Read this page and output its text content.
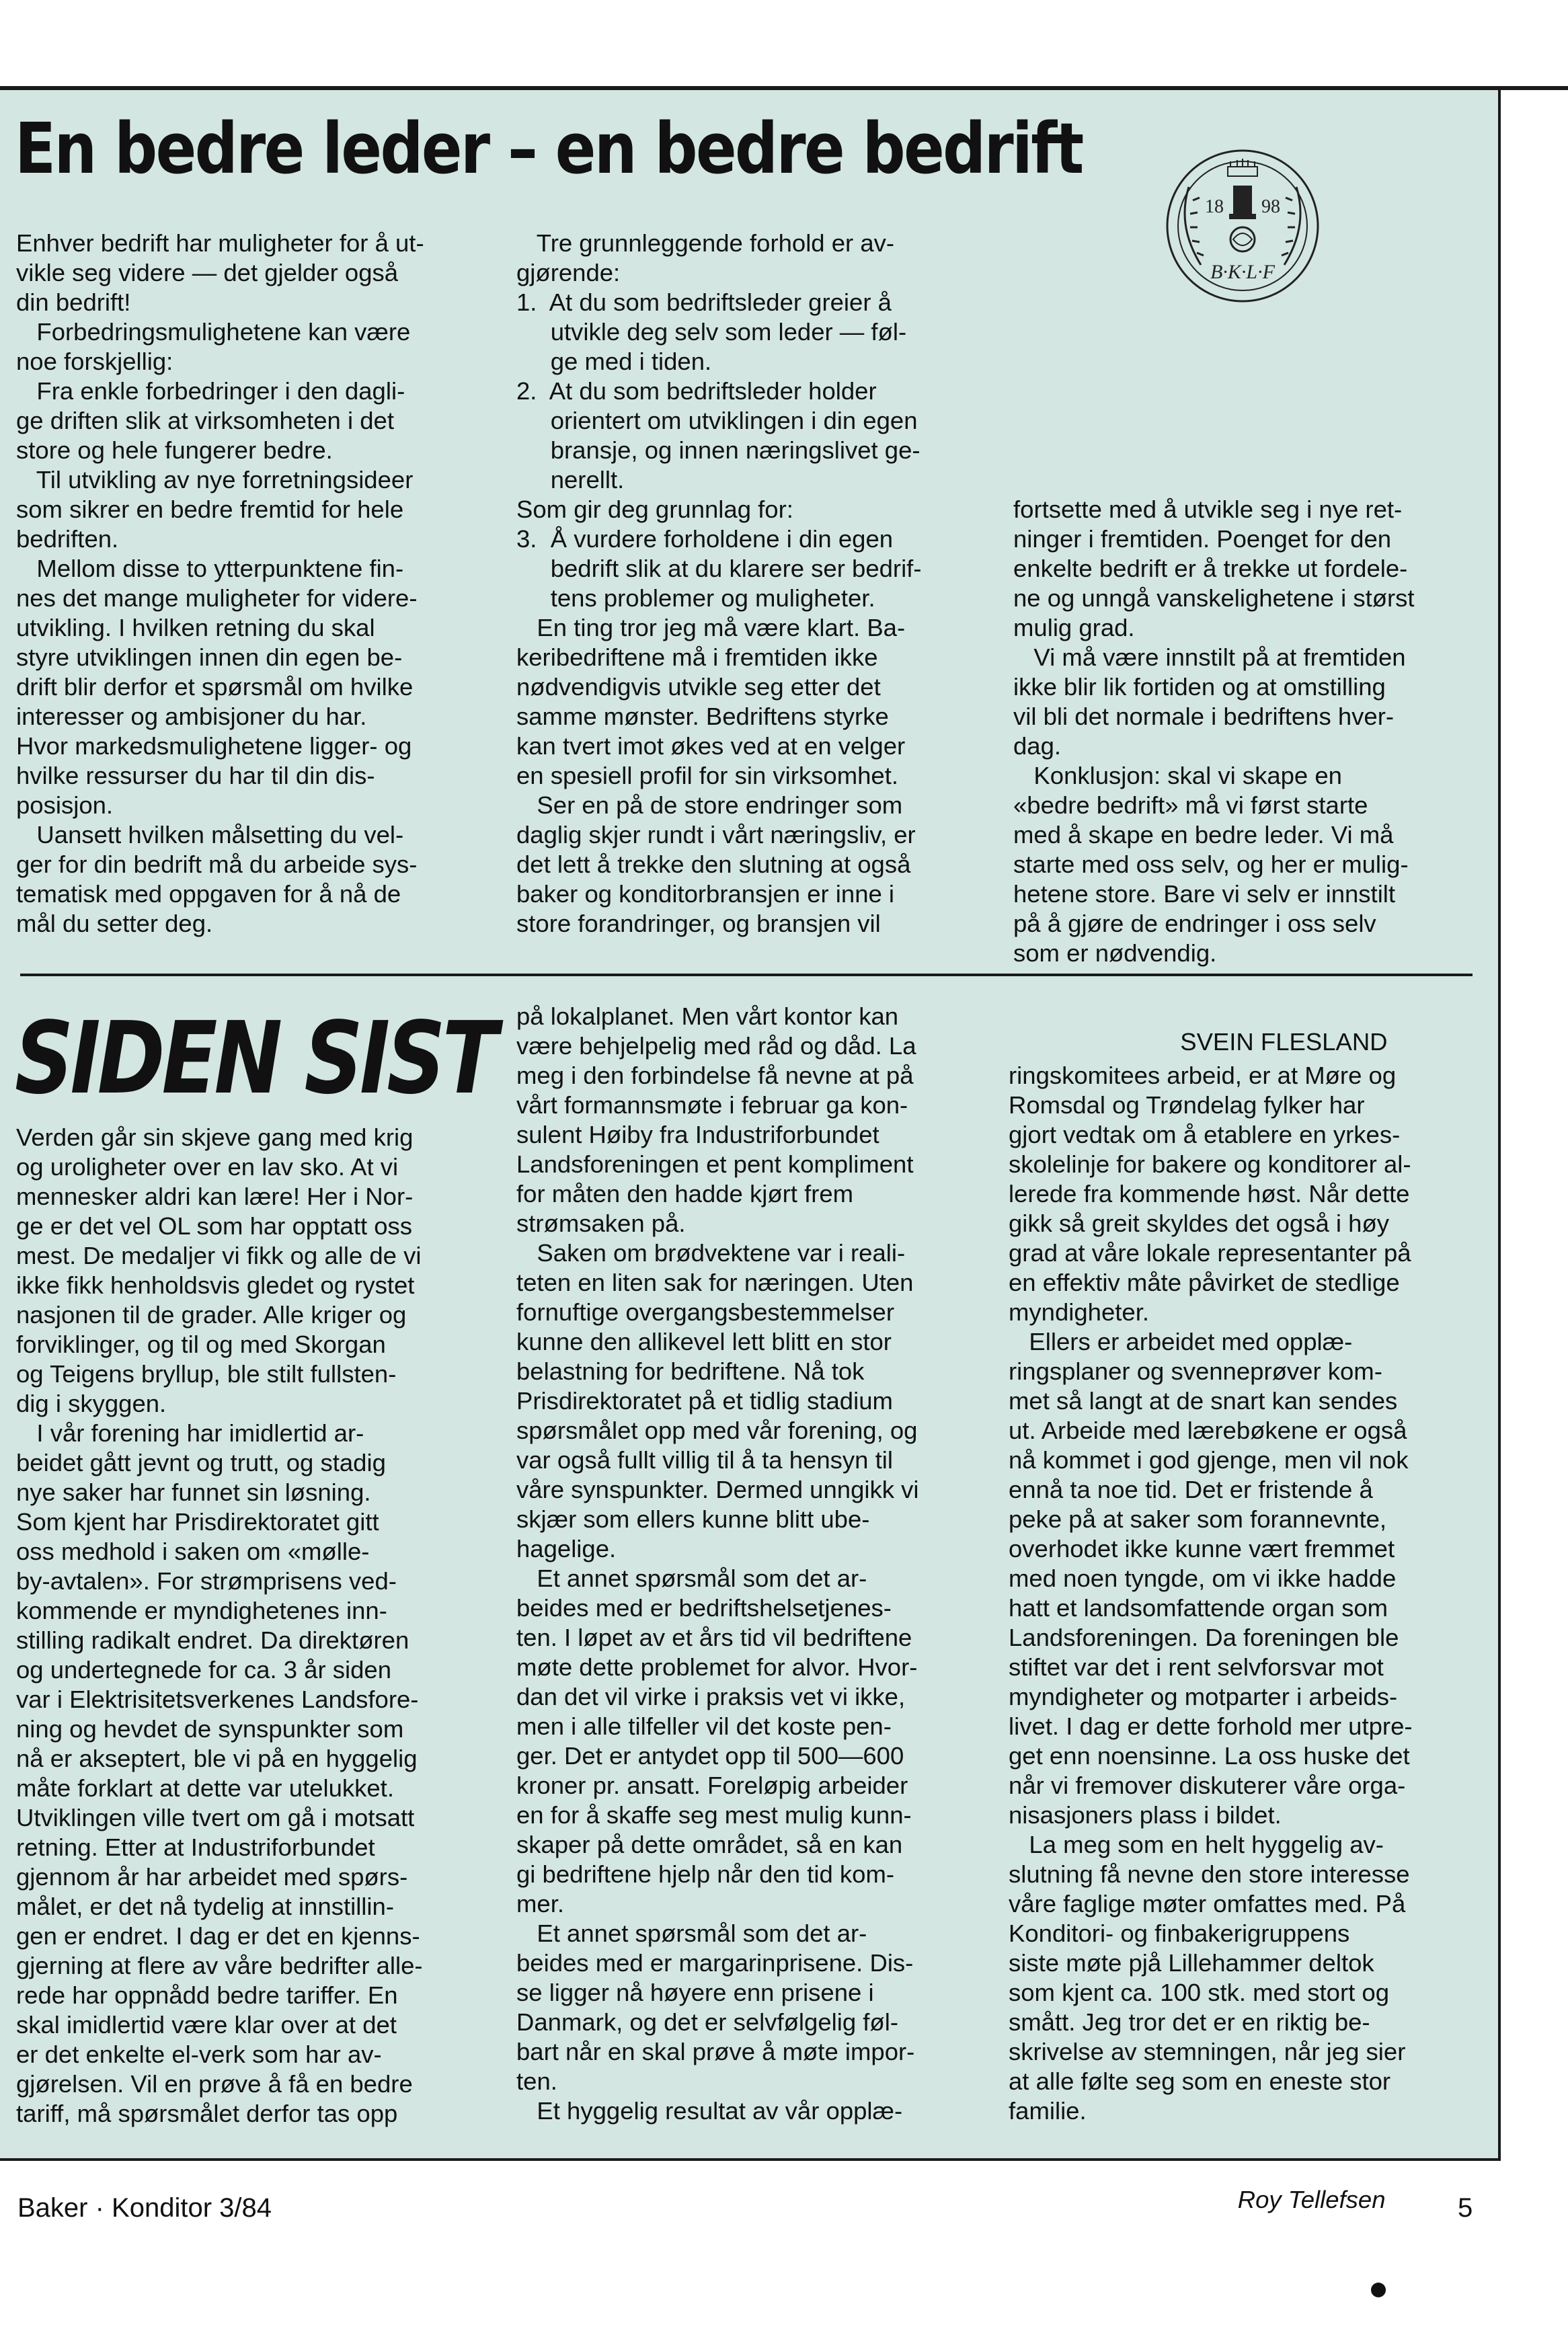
En bedre leder – en bedre bedrift
18 98
B·K·L·F

Enhver bedrift har muligheter for å ut-

vikle seg videre — det gjelder også

din bedrift!

Forbedringsmulighetene kan være

noe forskjellig:

Fra enkle forbedringer i den dagli-

ge driften slik at virksomheten i det

store og hele fungerer bedre.

Til utvikling av nye forretningsideer

som sikrer en bedre fremtid for hele

bedriften.

Mellom disse to ytterpunktene fin-

nes det mange muligheter for videre-

utvikling. I hvilken retning du skal

styre utviklingen innen din egen be-

drift blir derfor et spørsmål om hvilke

interesser og ambisjoner du har.

Hvor markedsmulighetene ligger- og

hvilke ressurser du har til din dis-

posisjon.

Uansett hvilken målsetting du vel-

ger for din bedrift må du arbeide sys-

tematisk med oppgaven for å nå de

mål du setter deg.

Tre grunnleggende forhold er av-

gjørende:

1.  At du som bedriftsleder greier å

utvikle deg selv som leder — føl-

ge med i tiden.

2.  At du som bedriftsleder holder

orientert om utviklingen i din egen

bransje, og innen næringslivet ge-

nerellt.

Som gir deg grunnlag for:

3.  Å vurdere forholdene i din egen

bedrift slik at du klarere ser bedrif-

tens problemer og muligheter.

En ting tror jeg må være klart. Ba-

keribedriftene må i fremtiden ikke

nødvendigvis utvikle seg etter det

samme mønster. Bedriftens styrke

kan tvert imot økes ved at en velger

en spesiell profil for sin virksomhet.

Ser en på de store endringer som

daglig skjer rundt i vårt næringsliv, er

det lett å trekke den slutning at også

baker og konditorbransjen er inne i

store forandringer, og bransjen vil

fortsette med å utvikle seg i nye ret-

ninger i fremtiden. Poenget for den

enkelte bedrift er å trekke ut fordele-

ne og unngå vanskelighetene i størst

mulig grad.

Vi må være innstilt på at fremtiden

ikke blir lik fortiden og at omstilling

vil bli det normale i bedriftens hver-

dag.

Konklusjon: skal vi skape en

«bedre bedrift» må vi først starte

med å skape en bedre leder. Vi må

starte med oss selv, og her er mulig-

hetene store. Bare vi selv er innstilt

på å gjøre de endringer i oss selv

som er nødvendig.

SVEIN FLESLAND

SIDEN SIST

Verden går sin skjeve gang med krig

og uroligheter over en lav sko. At vi

mennesker aldri kan lære! Her i Nor-

ge er det vel OL som har opptatt oss

mest. De medaljer vi fikk og alle de vi

ikke fikk henholdsvis gledet og rystet

nasjonen til de grader. Alle kriger og

forviklinger, og til og med Skorgan

og Teigens bryllup, ble stilt fullsten-

dig i skyggen.

I vår forening har imidlertid ar-

beidet gått jevnt og trutt, og stadig

nye saker har funnet sin løsning.

Som kjent har Prisdirektoratet gitt

oss medhold i saken om «mølle-

by-avtalen». For strømprisens ved-

kommende er myndighetenes inn-

stilling radikalt endret. Da direktøren

og undertegnede for ca. 3 år siden

var i Elektrisitetsverkenes Landsfore-

ning og hevdet de synspunkter som

nå er akseptert, ble vi på en hyggelig

måte forklart at dette var utelukket.

Utviklingen ville tvert om gå i motsatt

retning. Etter at Industriforbundet

gjennom år har arbeidet med spørs-

målet, er det nå tydelig at innstillin-

gen er endret. I dag er det en kjenns-

gjerning at flere av våre bedrifter alle-

rede har oppnådd bedre tariffer. En

skal imidlertid være klar over at det

er det enkelte el-verk som har av-

gjørelsen. Vil en prøve å få en bedre

tariff, må spørsmålet derfor tas opp

på lokalplanet. Men vårt kontor kan

være behjelpelig med råd og dåd. La

meg i den forbindelse få nevne at på

vårt formannsmøte i februar ga kon-

sulent Høiby fra Industriforbundet

Landsforeningen et pent kompliment

for måten den hadde kjørt frem

strømsaken på.

Saken om brødvektene var i reali-

teten en liten sak for næringen. Uten

fornuftige overgangsbestemmelser

kunne den allikevel lett blitt en stor

belastning for bedriftene. Nå tok

Prisdirektoratet på et tidlig stadium

spørsmålet opp med vår forening, og

var også fullt villig til å ta hensyn til

våre synspunkter. Dermed unngikk vi

skjær som ellers kunne blitt ube-

hagelige.

Et annet spørsmål som det ar-

beides med er bedriftshelsetjenes-

ten. I løpet av et års tid vil bedriftene

møte dette problemet for alvor. Hvor-

dan det vil virke i praksis vet vi ikke,

men i alle tilfeller vil det koste pen-

ger. Det er antydet opp til 500—600

kroner pr. ansatt. Foreløpig arbeider

en for å skaffe seg mest mulig kunn-

skaper på dette området, så en kan

gi bedriftene hjelp når den tid kom-

mer.

Et annet spørsmål som det ar-

beides med er margarinprisene. Dis-

se ligger nå høyere enn prisene i

Danmark, og det er selvfølgelig føl-

bart når en skal prøve å møte impor-

ten.

Et hyggelig resultat av vår opplæ-

ringskomitees arbeid, er at Møre og

Romsdal og Trøndelag fylker har

gjort vedtak om å etablere en yrkes-

skolelinje for bakere og konditorer al-

lerede fra kommende høst. Når dette

gikk så greit skyldes det også i høy

grad at våre lokale representanter på

en effektiv måte påvirket de stedlige

myndigheter.

Ellers er arbeidet med opplæ-

ringsplaner og svenneprøver kom-

met så langt at de snart kan sendes

ut. Arbeide med lærebøkene er også

nå kommet i god gjenge, men vil nok

ennå ta noe tid. Det er fristende å

peke på at saker som forannevnte,

overhodet ikke kunne vært fremmet

med noen tyngde, om vi ikke hadde

hatt et landsomfattende organ som

Landsforeningen. Da foreningen ble

stiftet var det i rent selvforsvar mot

myndigheter og motparter i arbeids-

livet. I dag er dette forhold mer utpre-

get enn noensinne. La oss huske det

når vi fremover diskuterer våre orga-

nisasjoners plass i bildet.

La meg som en helt hyggelig av-

slutning få nevne den store interesse

våre faglige møter omfattes med. På

Konditori- og finbakerigruppens

siste møte pjå Lillehammer deltok

som kjent ca. 100 stk. med stort og

smått. Jeg tror det er en riktig be-

skrivelse av stemningen, når jeg sier

at alle følte seg som en eneste stor

familie.

Roy Tellefsen

Baker · Konditor 3/84	5
